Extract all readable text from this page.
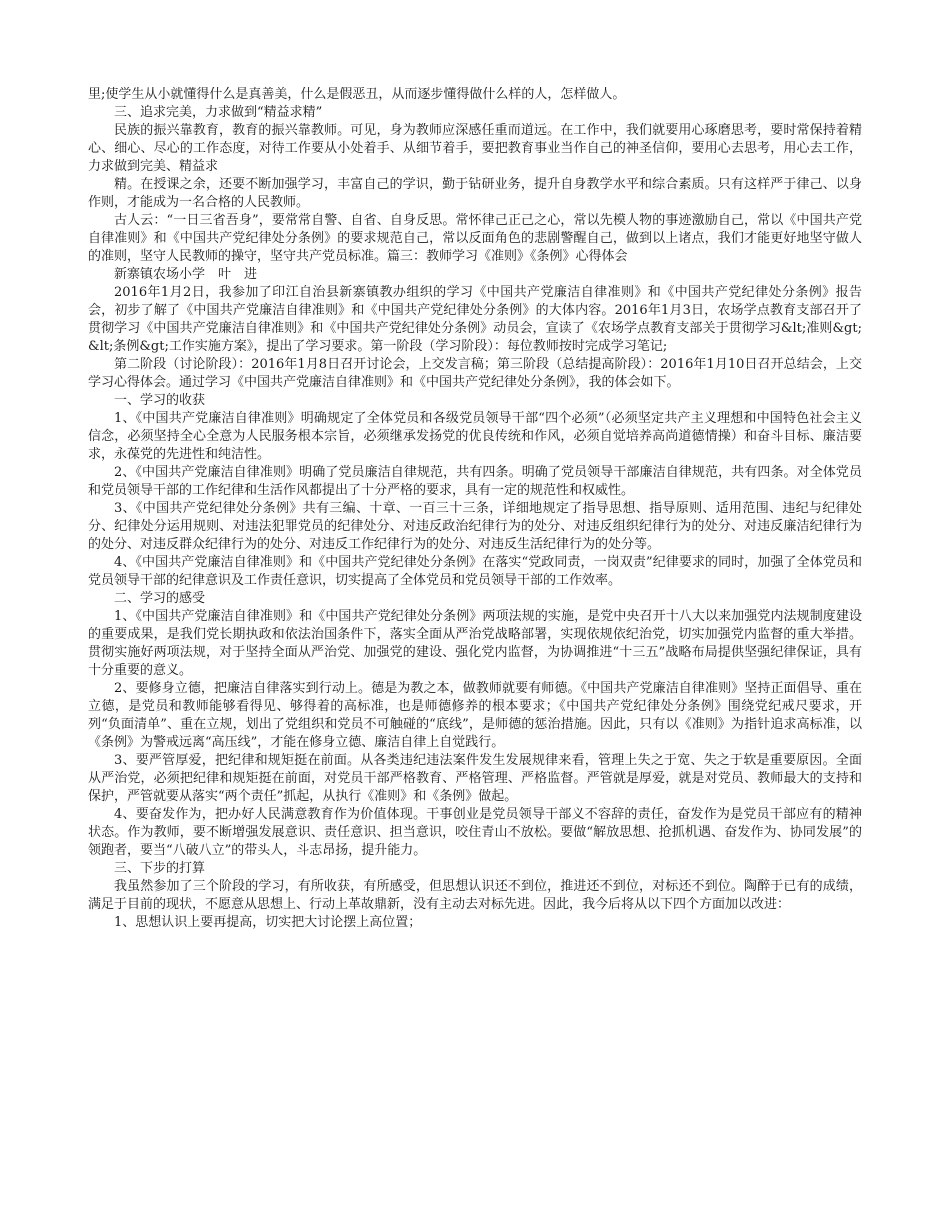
里;使学生从小就懂得什么是真善美，什么是假恶丑，从而逐步懂得做什么样的人，怎样做人。

三、追求完美，力求做到“精益求精”

民族的振兴靠教育，教育的振兴靠教师。可见，身为教师应深感任重而道远。在工作中，我们就要用心琢磨思考，要时常保持着精心、细心、尽心的工作态度，对待工作要从小处着手、从细节着手，要把教育事业当作自己的神圣信仰，要用心去思考，用心去工作，力求做到完美、精益求

精。在授课之余，还要不断加强学习，丰富自己的学识，勤于钻研业务，提升自身教学水平和综合素质。只有这样严于律己、以身作则，才能成为一名合格的人民教师。

古人云：“一日三省吾身”，要常常自警、自省、自身反思。常怀律己正己之心，常以先模人物的事迹激励自己，常以《中国共产党自律准则》和《中国共产党纪律处分条例》的要求规范自己，常以反面角色的悲剧警醒自己，做到以上诸点，我们才能更好地坚守做人的准则，坚守人民教师的操守，坚守共产党员标准。篇三：教师学习《准则》《条例》心得体会

新寨镇农场小学　叶　进

2016年1月2日，我参加了印江自治县新寨镇教办组织的学习《中国共产党廉洁自律准则》和《中国共产党纪律处分条例》报告会，初步了解了《中国共产党廉洁自律准则》和《中国共产党纪律处分条例》的大体内容。2016年1月3日，农场学点教育支部召开了贯彻学习《中国共产党廉洁自律准则》和《中国共产党纪律处分条例》动员会，宣读了《农场学点教育支部关于贯彻学习&lt;准则&gt;&lt;条例&gt;工作实施方案》，提出了学习要求。第一阶段（学习阶段）：每位教师按时完成学习笔记;

第二阶段（讨论阶段）：2016年1月8日召开讨论会，上交发言稿；第三阶段（总结提高阶段）：2016年1月10日召开总结会，上交学习心得体会。通过学习《中国共产党廉洁自律准则》和《中国共产党纪律处分条例》，我的体会如下。

一、学习的收获

1、《中国共产党廉洁自律准则》明确规定了全体党员和各级党员领导干部“四个必须”（必须坚定共产主义理想和中国特色社会主义信念，必须坚持全心全意为人民服务根本宗旨，必须继承发扬党的优良传统和作风，必须自觉培养高尚道德情操）和奋斗目标、廉洁要求，永葆党的先进性和纯洁性。

2、《中国共产党廉洁自律准则》明确了党员廉洁自律规范，共有四条。明确了党员领导干部廉洁自律规范，共有四条。对全体党员和党员领导干部的工作纪律和生活作风都提出了十分严格的要求，具有一定的规范性和权威性。

3、《中国共产党纪律处分条例》共有三编、十章、一百三十三条，详细地规定了指导思想、指导原则、适用范围、违纪与纪律处分、纪律处分运用规则、对违法犯罪党员的纪律处分、对违反政治纪律行为的处分、对违反组织纪律行为的处分、对违反廉洁纪律行为的处分、对违反群众纪律行为的处分、对违反工作纪律行为的处分、对违反生活纪律行为的处分等。

4、《中国共产党廉洁自律准则》和《中国共产党纪律处分条例》在落实“党政同责，一岗双责”纪律要求的同时，加强了全体党员和党员领导干部的纪律意识及工作责任意识，切实提高了全体党员和党员领导干部的工作效率。

二、学习的感受

1、《中国共产党廉洁自律准则》和《中国共产党纪律处分条例》两项法规的实施，是党中央召开十八大以来加强党内法规制度建设的重要成果，是我们党长期执政和依法治国条件下，落实全面从严治党战略部署，实现依规依纪治党，切实加强党内监督的重大举措。贯彻实施好两项法规，对于坚持全面从严治党、加强党的建设、强化党内监督，为协调推进“十三五”战略布局提供坚强纪律保证，具有十分重要的意义。

2、要修身立德，把廉洁自律落实到行动上。德是为教之本，做教师就要有师德。《中国共产党廉洁自律准则》坚持正面倡导、重在立德，是党员和教师能够看得见、够得着的高标准，也是师德修养的根本要求；《中国共产党纪律处分条例》围绕党纪戒尺要求，开列“负面清单”、重在立规，划出了党组织和党员不可触碰的“底线”，是师德的惩治措施。因此，只有以《准则》为指针追求高标准，以《条例》为警戒远离“高压线”，才能在修身立德、廉洁自律上自觉践行。

3、要严管厚爱，把纪律和规矩挺在前面。从各类违纪违法案件发生发展规律来看，管理上失之于宽、失之于软是重要原因。全面从严治党，必须把纪律和规矩挺在前面，对党员干部严格教育、严格管理、严格监督。严管就是厚爱，就是对党员、教师最大的支持和保护，严管就要从落实“两个责任”抓起，从执行《准则》和《条例》做起。

4、要奋发作为，把办好人民满意教育作为价值体现。干事创业是党员领导干部义不容辞的责任，奋发作为是党员干部应有的精神状态。作为教师，要不断增强发展意识、责任意识、担当意识，咬住青山不放松。要做“解放思想、抢抓机遇、奋发作为、协同发展”的领跑者，要当“八破八立”的带头人，斗志昂扬，提升能力。

三、下步的打算

我虽然参加了三个阶段的学习，有所收获，有所感受，但思想认识还不到位，推进还不到位，对标还不到位。陶醉于已有的成绩，满足于目前的现状，不愿意从思想上、行动上革故鼎新，没有主动去对标先进。因此，我今后将从以下四个方面加以改进：

1、思想认识上要再提高，切实把大讨论摆上高位置；
